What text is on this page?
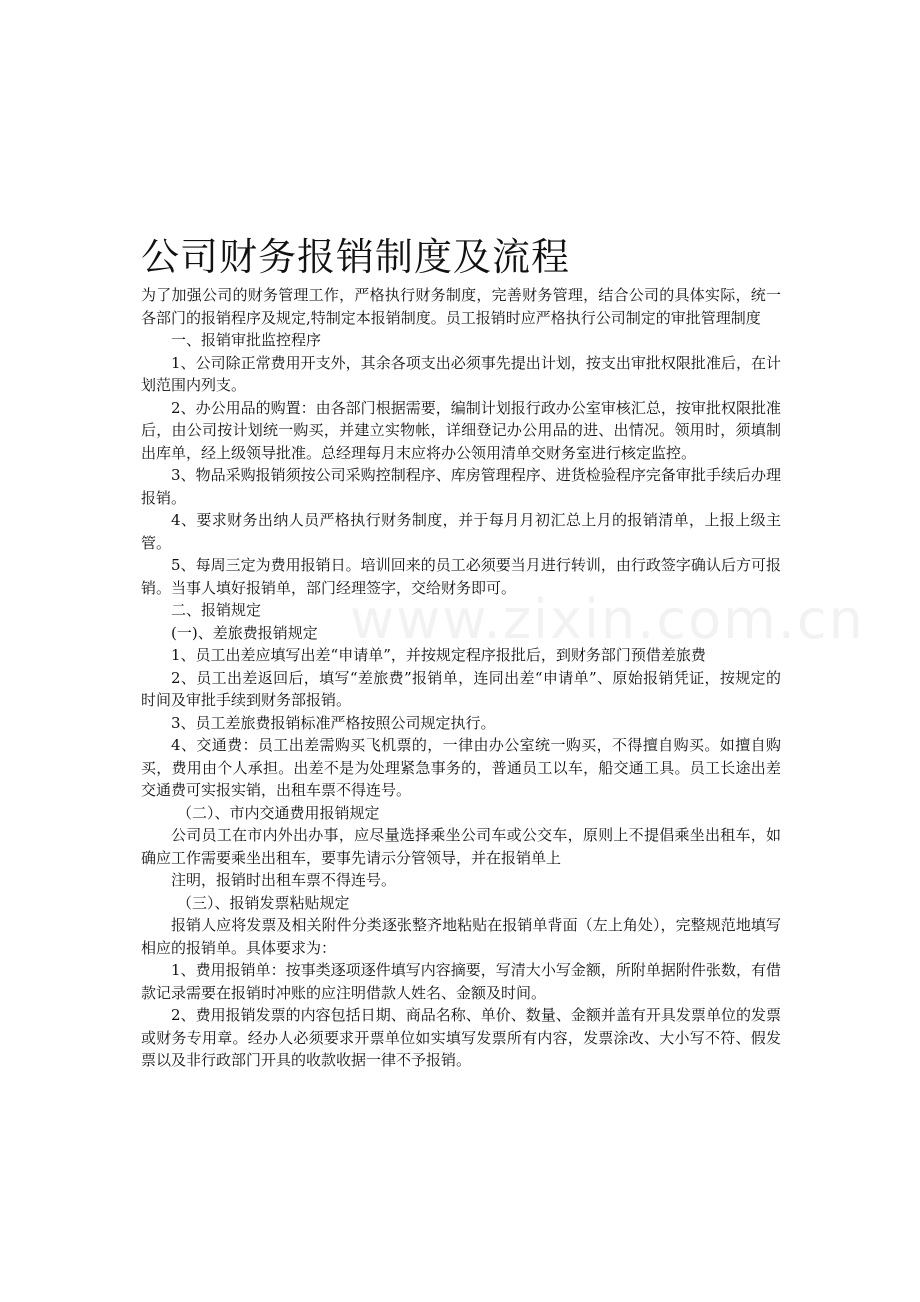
www.zixin.com.cn
公司财务报销制度及流程

为了加强公司的财务管理工作，严格执行财务制度，完善财务管理，结合公司的具体实际，统一各部门的报销程序及规定,特制定本报销制度。员工报销时应严格执行公司制定的审批管理制度

一、报销审批监控程序

1、公司除正常费用开支外，其余各项支出必须事先提出计划，按支出审批权限批准后，在计划范围内列支。

2、办公用品的购置：由各部门根据需要，编制计划报行政办公室审核汇总，按审批权限批准后，由公司按计划统一购买，并建立实物帐，详细登记办公用品的进、出情况。领用时，须填制出库单，经上级领导批准。总经理每月末应将办公领用清单交财务室进行核定监控。

3、物品采购报销须按公司采购控制程序、库房管理程序、进货检验程序完备审批手续后办理报销。

4、要求财务出纳人员严格执行财务制度，并于每月月初汇总上月的报销清单，上报上级主管。

5、每周三定为费用报销日。培训回来的员工必须要当月进行转训，由行政签字确认后方可报销。当事人填好报销单，部门经理签字，交给财务即可。

二、报销规定

(一)、差旅费报销规定

1、员工出差应填写出差“申请单”，并按规定程序报批后，到财务部门预借差旅费

2、员工出差返回后，填写“差旅费”报销单，连同出差“申请单”、原始报销凭证，按规定的时间及审批手续到财务部报销。

3、员工差旅费报销标准严格按照公司规定执行。

4、交通费：员工出差需购买飞机票的，一律由办公室统一购买，不得擅自购买。如擅自购买，费用由个人承担。出差不是为处理紧急事务的，普通员工以车，船交通工具。员工长途出差交通费可实报实销，出租车票不得连号。

（二）、市内交通费用报销规定

公司员工在市内外出办事，应尽量选择乘坐公司车或公交车，原则上不提倡乘坐出租车，如确应工作需要乘坐出租车，要事先请示分管领导，并在报销单上

注明，报销时出租车票不得连号。

（三）、报销发票粘贴规定

报销人应将发票及相关附件分类逐张整齐地粘贴在报销单背面（左上角处），完整规范地填写相应的报销单。具体要求为：

1、费用报销单：按事类逐项逐件填写内容摘要，写清大小写金额，所附单据附件张数，有借款记录需要在报销时冲账的应注明借款人姓名、金额及时间。

2、费用报销发票的内容包括日期、商品名称、单价、数量、金额并盖有开具发票单位的发票或财务专用章。经办人必须要求开票单位如实填写发票所有内容，发票涂改、大小写不符、假发票以及非行政部门开具的收款收据一律不予报销。
